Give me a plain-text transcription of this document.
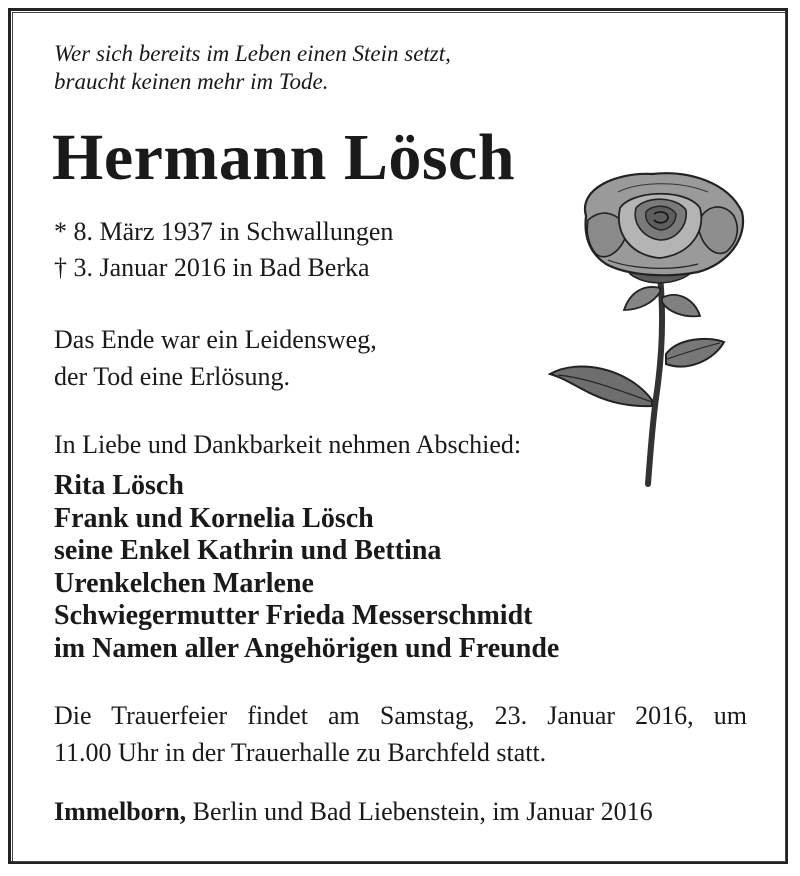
Wer sich bereits im Leben einen Stein setzt,
braucht keinen mehr im Tode.
Hermann Lösch
* 8. März 1937 in Schwallungen
† 3. Januar 2016 in Bad Berka
Das Ende war ein Leidensweg,
der Tod eine Erlösung.
In Liebe und Dankbarkeit nehmen Abschied:
Rita Lösch
Frank und Kornelia Lösch
seine Enkel Kathrin und Bettina
Urenkelchen Marlene
Schwiegermutter Frieda Messerschmidt
im Namen aller Angehörigen und Freunde
Die Trauerfeier findet am Samstag, 23. Januar 2016, um
11.00 Uhr in der Trauerhalle zu Barchfeld statt.
Immelborn, Berlin und Bad Liebenstein, im Januar 2016
